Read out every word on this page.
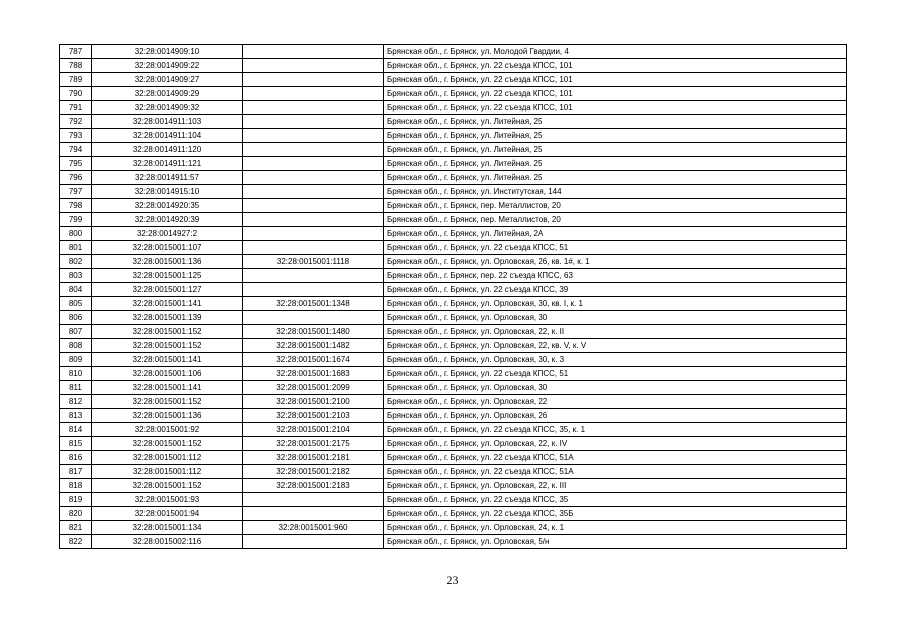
787	32:28:0014909:10		Брянская обл., г. Брянск, ул. Молодой Гвардии, 4
788	32:28:0014909:22		Брянская обл., г. Брянск, ул. 22 съезда КПСС, 101
789	32:28:0014909:27		Брянская обл., г. Брянск, ул. 22 съезда КПСС, 101
790	32:28:0014909:29		Брянская обл., г. Брянск, ул. 22 съезда КПСС, 101
791	32:28:0014909:32		Брянская обл., г. Брянск, ул. 22 съезда КПСС, 101
792	32:28:0014911:103		Брянская обл., г. Брянск, ул. Литейная, 25
793	32:28:0014911:104		Брянская обл., г. Брянск, ул. Литейная, 25
794	32:28:0014911:120		Брянская обл., г. Брянск, ул. Литейная, 25
795	32:28:0014911:121		Брянская обл., г. Брянск, ул. Литейная. 25
796	32:28:0014911:57		Брянская обл., г. Брянск, ул. Литейная. 25
797	32:28:0014915:10		Брянская обл., г. Брянск, ул. Институтская, 144
798	32:28:0014920:35		Брянская обл., г. Брянск, пер. Металлистов, 20
799	32:28:0014920:39		Брянская обл., г. Брянск, пер. Металлистов, 20
800	32:28:0014927:2		Брянская обл., г. Брянск, ул. Литейная, 2А
801	32:28:0015001:107		Брянская обл., г. Брянск, ул. 22 съезда КПСС, 51
802	32:28:0015001:136	32:28:0015001:1118	Брянская обл., г. Брянск, ул. Орловская, 26, кв. 1#, к. 1
803	32:28:0015001:125		Брянская обл., г. Брянск, пер. 22 съезда КПСС, 63
804	32:28:0015001:127		Брянская обл., г. Брянск, ул. 22 съезда КПСС, 39
805	32:28:0015001:141	32:28:0015001:1348	Брянская обл., г. Брянск, ул. Орловская, 30, кв. I, к. 1
806	32:28:0015001:139		Брянская обл., г. Брянск, ул. Орловская, 30
807	32:28:0015001:152	32:28:0015001:1480	Брянская обл., г. Брянск, ул. Орловская, 22, к. II
808	32:28:0015001:152	32:28:0015001:1482	Брянская обл., г. Брянск, ул. Орловская, 22, кв. V, к. V
809	32:28:0015001:141	32:28:0015001:1674	Брянская обл., г. Брянск, ул. Орловская, 30, к. 3
810	32:28:0015001:106	32:28:0015001:1683	Брянская обл., г. Брянск, ул. 22 съезда КПСС, 51
811	32:28:0015001:141	32:28:0015001:2099	Брянская обл., г. Брянск, ул. Орловская, 30
812	32:28:0015001:152	32:28:0015001:2100	Брянская обл., г. Брянск, ул. Орловская, 22
813	32:28:0015001:136	32:28:0015001:2103	Брянская обл., г. Брянск, ул. Орловская, 26
814	32:28:0015001:92	32:28:0015001:2104	Брянская обл., г. Брянск, ул. 22 съезда КПСС, 35, к. 1
815	32:28:0015001:152	32:28:0015001:2175	Брянская обл., г. Брянск, ул. Орловская, 22, к. IV
816	32:28:0015001:112	32:28:0015001:2181	Брянская обл., г. Брянск, ул. 22 съезда КПСС, 51А
817	32:28:0015001:112	32:28:0015001:2182	Брянская обл., г. Брянск, ул. 22 съезда КПСС, 51А
818	32:28:0015001:152	32:28:0015001:2183	Брянская обл., г. Брянск, ул. Орловская, 22, к. III
819	32:28:0015001:93		Брянская обл., г. Брянск, ул. 22 съезда КПСС, 35
820	32:28:0015001:94		Брянская обл., г. Брянск, ул. 22 съезда КПСС, 35Б
821	32:28:0015001:134	32:28:0015001:960	Брянская обл., г. Брянск, ул. Орловская, 24, к. 1
822	32:28:0015002:116		Брянская обл., г. Брянск, ул. Орловская, 5/н
23
